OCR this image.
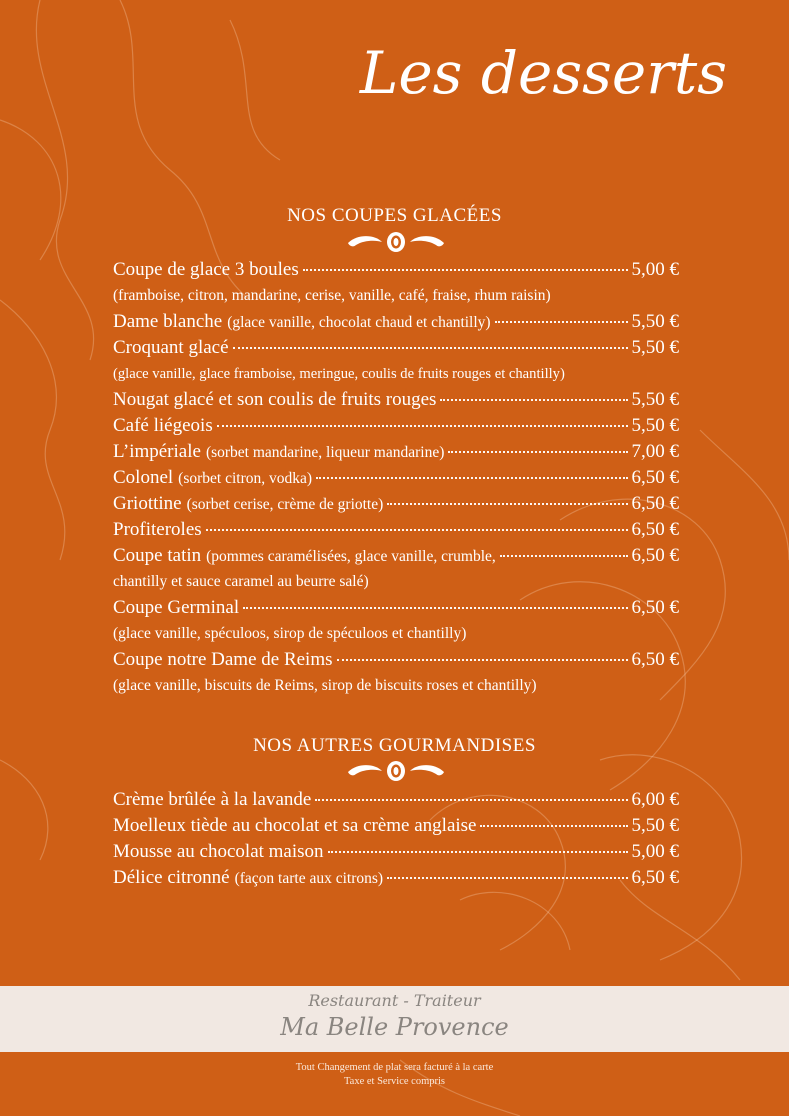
Les desserts
NOS COUPES GLACÉES
Coupe de glace 3 boules	5,00 €
(framboise, citron, mandarine, cerise, vanille, café, fraise, rhum raisin)
Dame blanche (glace vanille, chocolat chaud et chantilly)	5,50 €
Croquant glacé	5,50 €
(glace vanille, glace framboise, meringue, coulis de fruits rouges et chantilly)
Nougat glacé et son coulis de fruits rouges	5,50 €
Café liégeois	5,50 €
L’impériale (sorbet mandarine, liqueur mandarine)	7,00 €
Colonel (sorbet citron, vodka)	6,50 €
Griottine (sorbet cerise, crème de griotte)	6,50 €
Profiteroles	6,50 €
Coupe tatin (pommes caramélisées, glace vanille, crumble,	6,50 €
chantilly et sauce caramel au beurre salé)
Coupe Germinal	6,50 €
(glace vanille, spéculoos, sirop de spéculoos et chantilly)
Coupe notre Dame de Reims	6,50 €
(glace vanille, biscuits de Reims, sirop de biscuits roses et chantilly)
NOS AUTRES GOURMANDISES
Crème brûlée à la lavande	6,00 €
Moelleux tiède au chocolat et sa crème anglaise	5,50 €
Mousse au chocolat maison	5,00 €
Délice citronné (façon tarte aux citrons)	6,50 €
Restaurant - Traiteur
Ma Belle Provence
Tout Changement de plat sera facturé à la carte
Taxe et Service compris
